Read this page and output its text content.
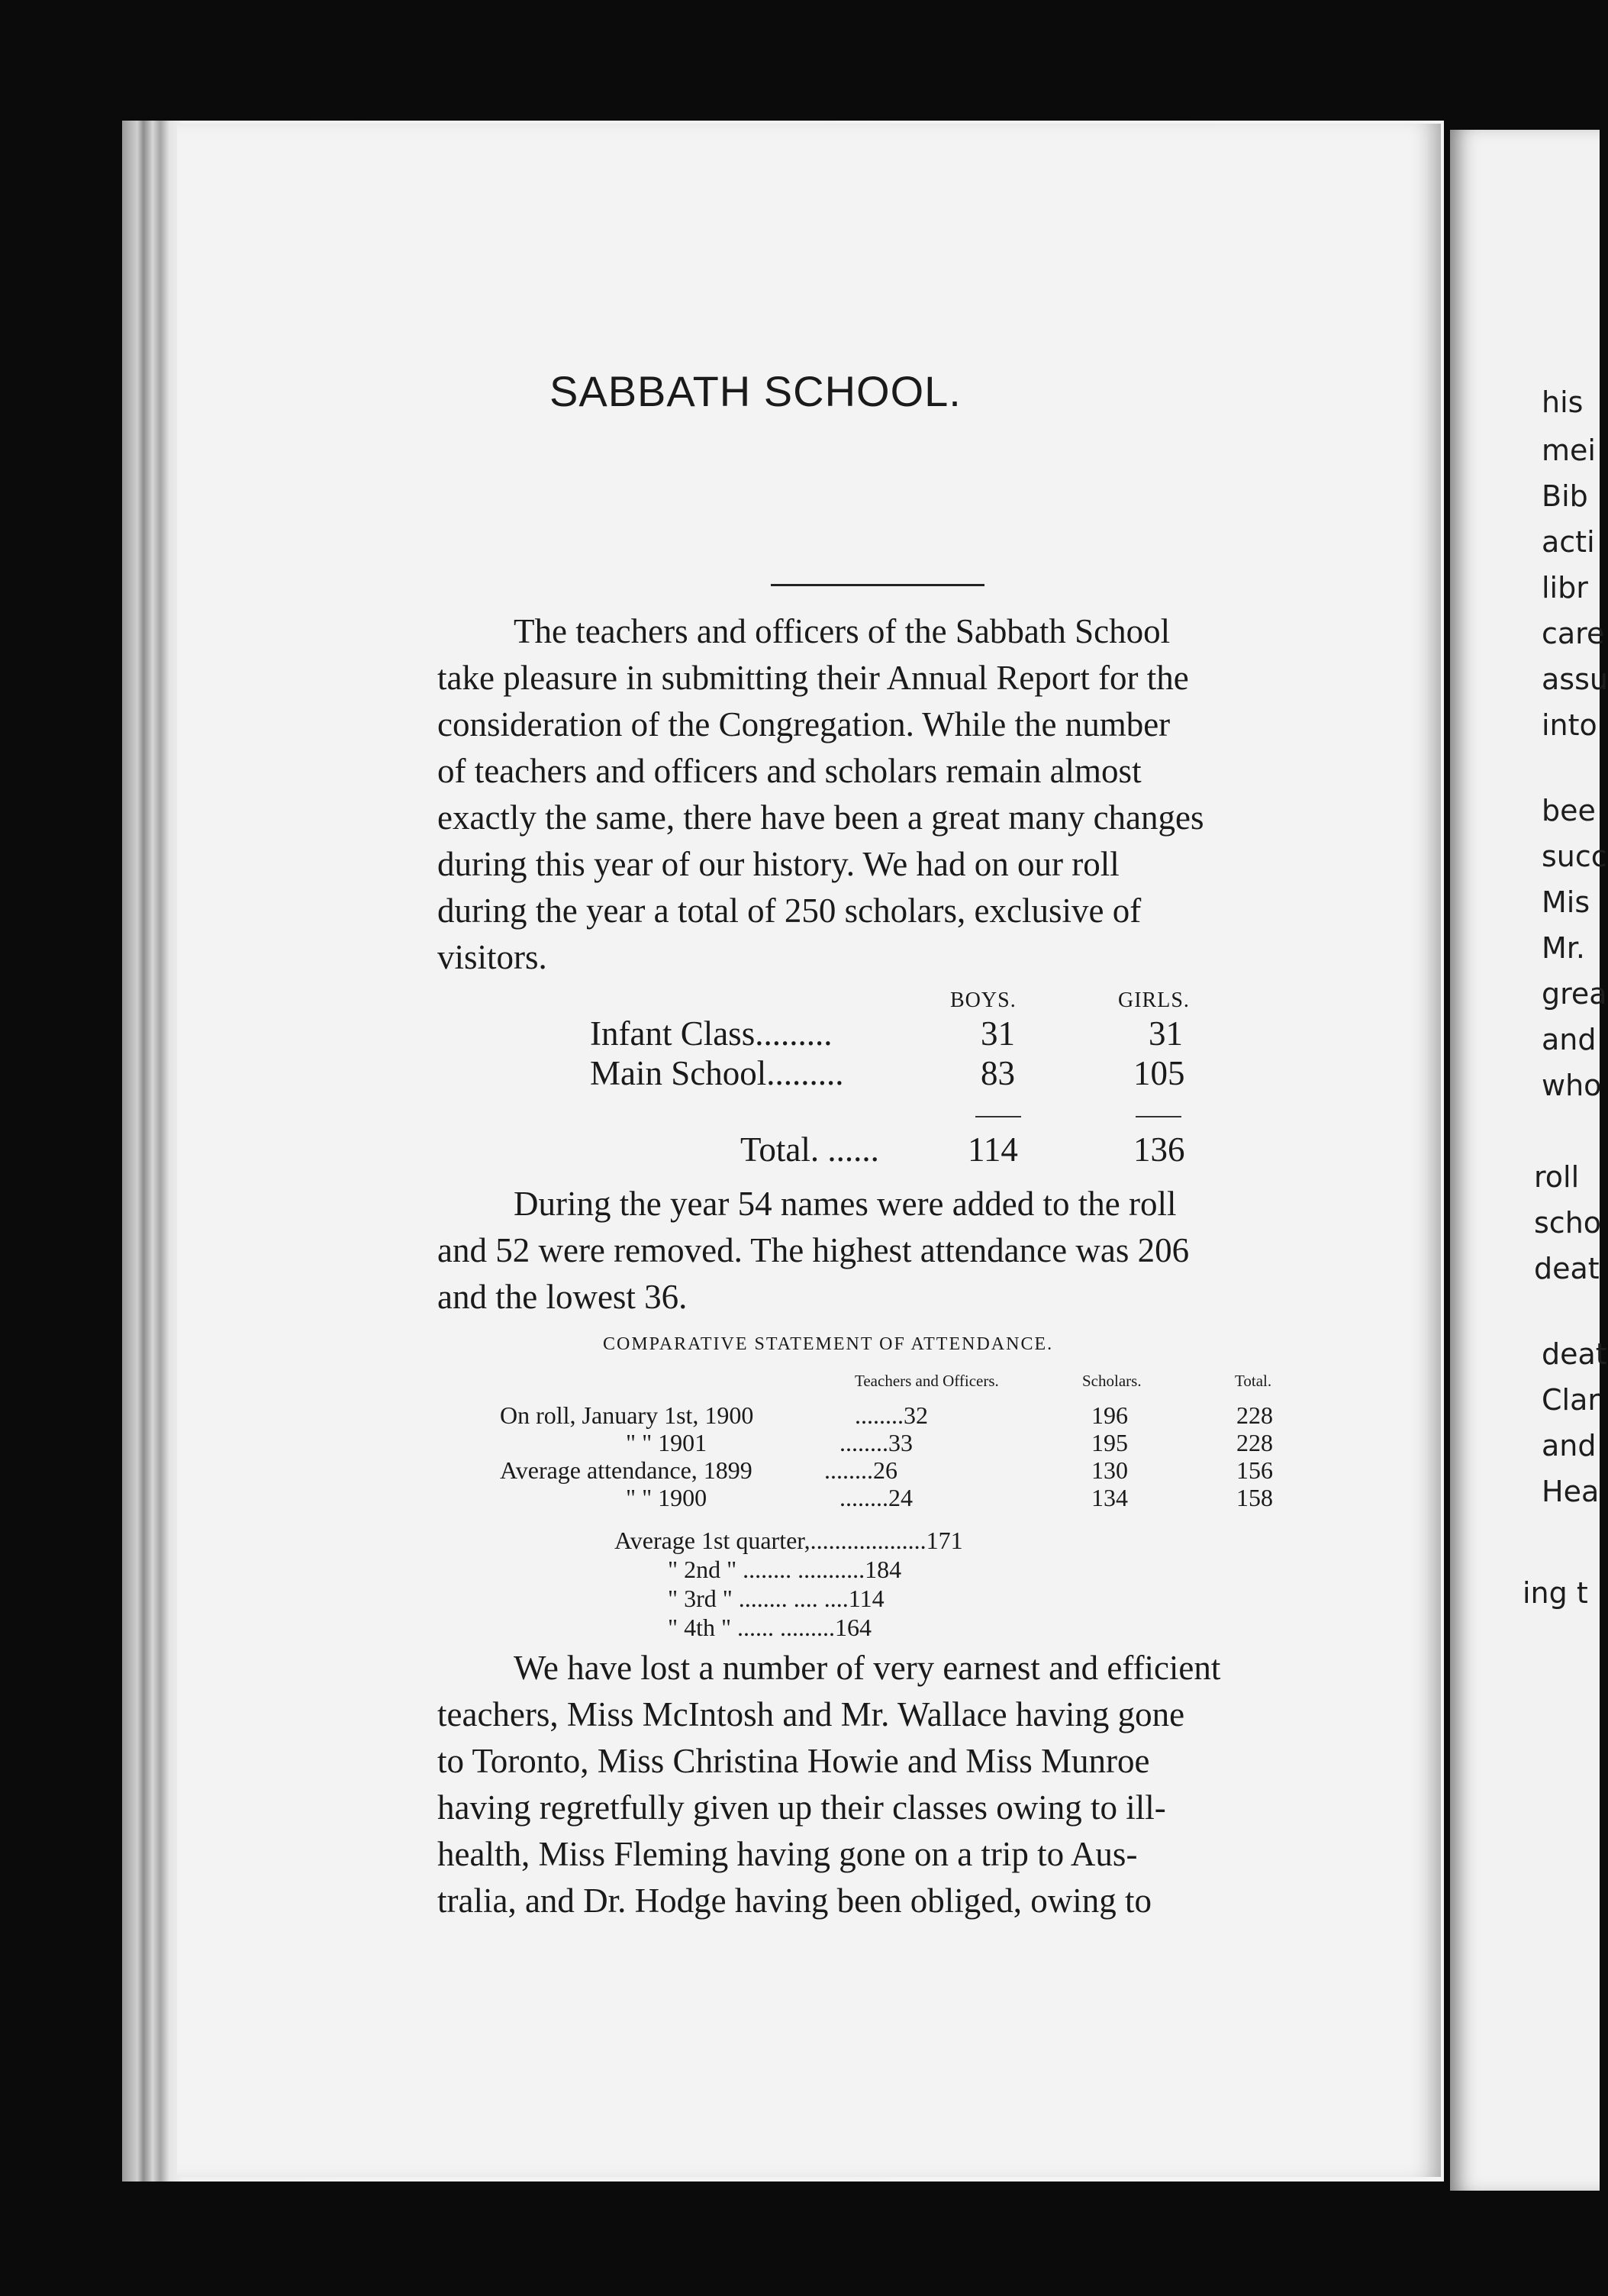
his
mei
Bib
acti
libr
care
assu
into
bee
succ
Mis
Mr.
grea
and
who
roll
scho
deat
deat
Clar
and
Hea
ing t
SABBATH SCHOOL.
The teachers and officers of the Sabbath School
take pleasure in submitting their Annual Report for the
consideration of the Congregation. While the number
of teachers and officers and scholars remain almost
exactly the same, there have been a great many changes
during this year of our history. We had on our roll
during the year a total of 250 scholars, exclusive of
visitors.
BOYS.	GIRLS.
Infant Class.........	31	31
Main School.........	83	105
Total. ......	114	136
During the year 54 names were added to the roll
and 52 were removed. The highest attendance was 206
and the lowest 36.
COMPARATIVE STATEMENT OF ATTENDANCE.
Teachers and Officers.	Scholars.	Total.
On roll, January 1st, 1900	........32	196	228
" " 1901	........33	195	228
Average attendance, 1899	........26	130	156
" " 1900	........24	134	158
Average 1st quarter,...................171
" 2nd " ........ ...........184
" 3rd " ........ .... ....114
" 4th " ...... .........164
We have lost a number of very earnest and efficient
teachers, Miss McIntosh and Mr. Wallace having gone
to Toronto, Miss Christina Howie and Miss Munroe
having regretfully given up their classes owing to ill-
health, Miss Fleming having gone on a trip to Aus-
tralia, and Dr. Hodge having been obliged, owing to
